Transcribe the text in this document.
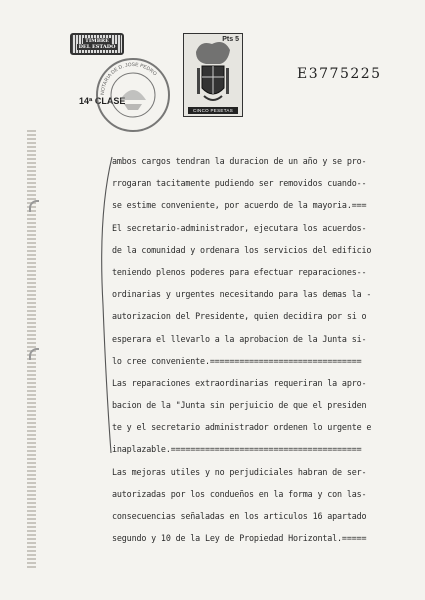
TIMBRE
DEL ESTADO
14ª CLASE
NOTARIA DE D. JOSE PEDRO
Pts 5
CINCO PESETAS
E3775225
ambos cargos tendran la duracion de un año y se pro-
rrogaran tacitamente pudiendo ser removidos cuando--
se estime conveniente, por acuerdo de la mayoria.===
El secretario-administrador, ejecutara los acuerdos-
de la comunidad y ordenara los servicios del edificio
teniendo plenos poderes para efectuar reparaciones--
ordinarias y urgentes necesitando para las demas la -
autorizacion del Presidente, quien decidira por si o
esperara el llevarlo a la aprobacion de la Junta si-
lo cree conveniente.===============================
Las reparaciones extraordinarias requeriran la apro-
bacion de la "Junta sin perjuicio de que el presiden
te y el secretario administrador ordenen lo urgente e
inaplazable.=======================================
Las mejoras utiles y no perjudiciales habran de ser-
autorizadas por los condueños en la forma y con las-
consecuencias señaladas en los articulos 16 apartado
segundo y 10 de la Ley de Propiedad Horizontal.=====
